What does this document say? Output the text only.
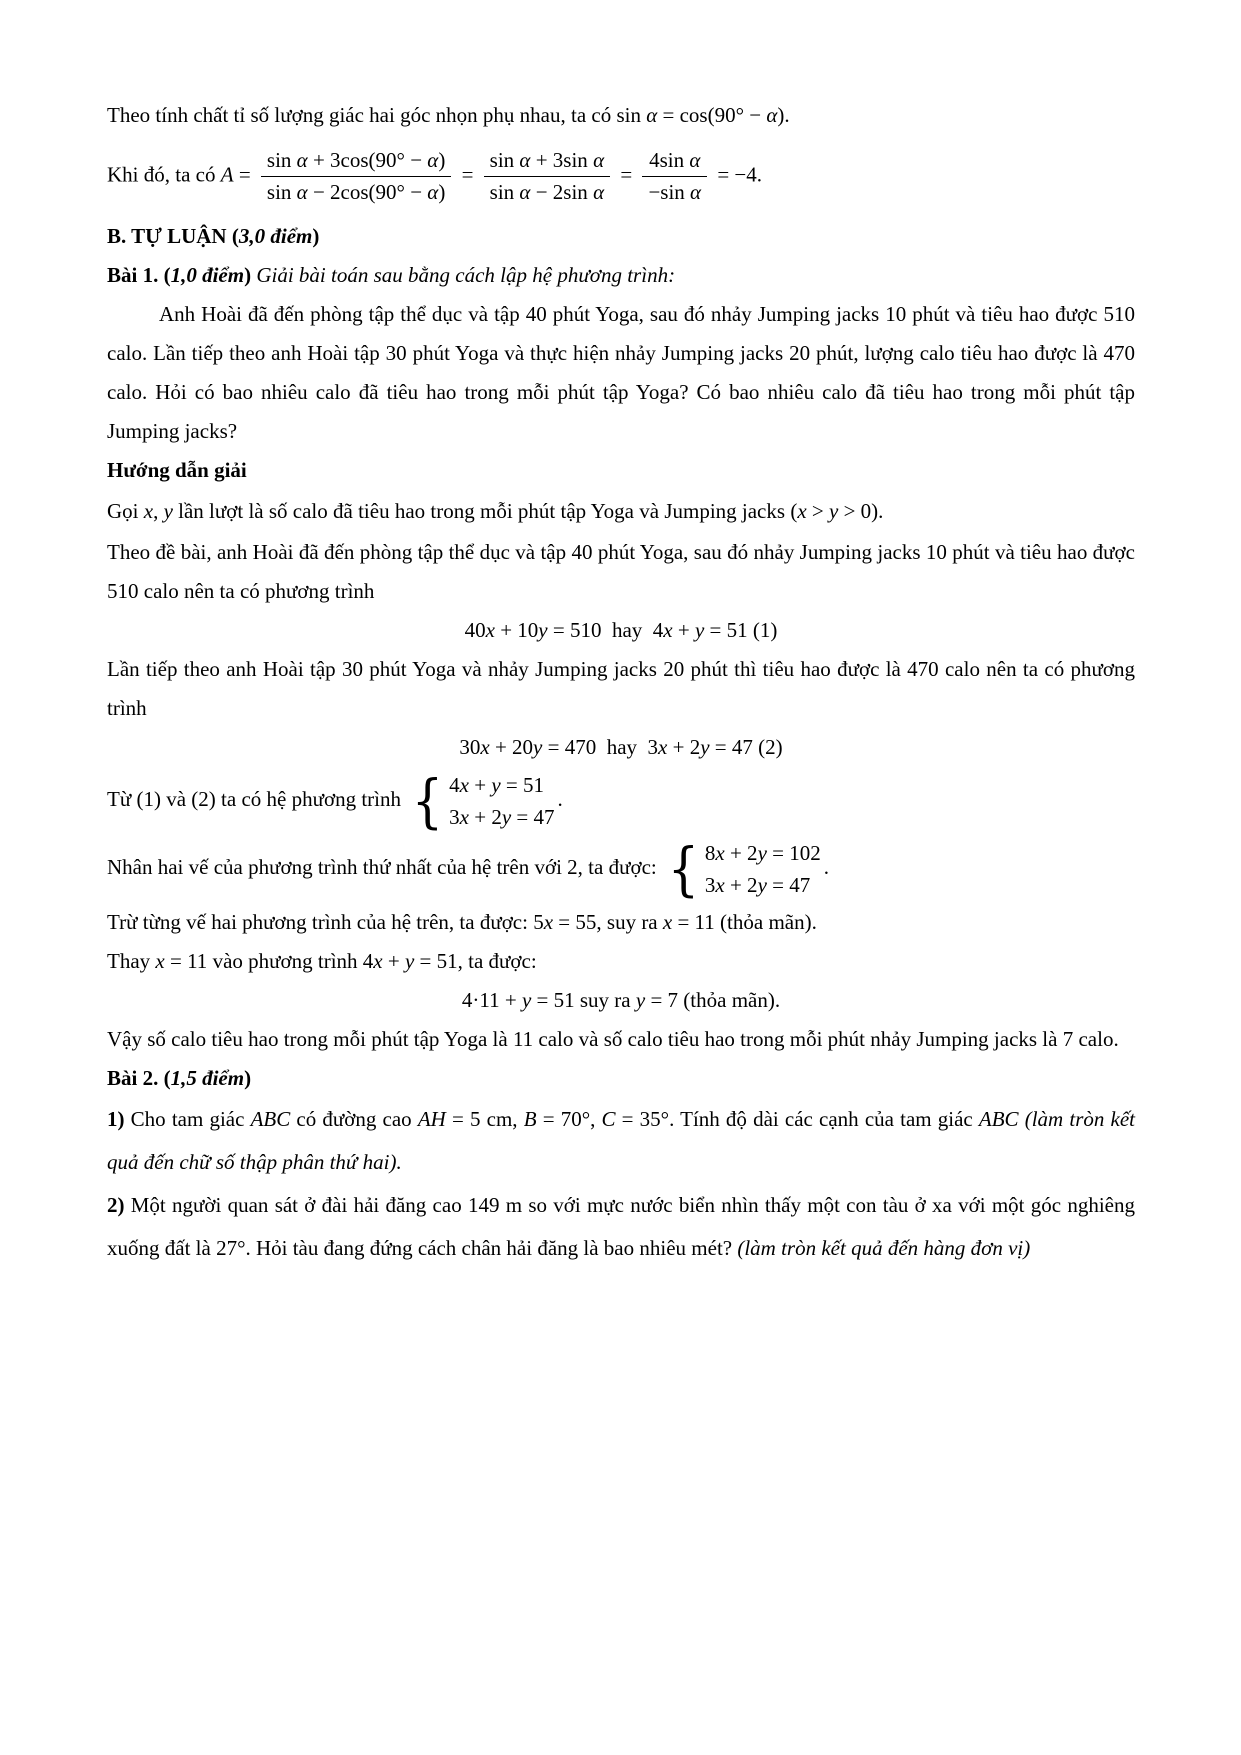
Theo tính chất tỉ số lượng giác hai góc nhọn phụ nhau, ta có sin α = cos(90° − α).

Khi đó, ta có $A = \frac{\text{sin α + 3cos(90° − α)}}{\text{sin α − 2cos(90° − α)}} = \frac{\text{sin α + 3sin α}}{\text{sin α − 2sin α}} = \frac{\text{4sin α}}{\text{−sin α}} = -4$.

B. TỰ LUẬN (3,0 điểm)

Bài 1. (1,0 điểm) Giải bài toán sau bằng cách lập hệ phương trình:

Anh Hoài đã đến phòng tập thể dục và tập 40 phút Yoga, sau đó nhảy Jumping jacks 10 phút và tiêu hao được 510 calo. Lần tiếp theo anh Hoài tập 30 phút Yoga và thực hiện nhảy Jumping jacks 20 phút, lượng calo tiêu hao được là 470 calo. Hỏi có bao nhiêu calo đã tiêu hao trong mỗi phút tập Yoga? Có bao nhiêu calo đã tiêu hao trong mỗi phút tập Jumping jacks?

Hướng dẫn giải

Gọi x, y lần lượt là số calo đã tiêu hao trong mỗi phút tập Yoga và Jumping jacks (x > y > 0).

Theo đề bài, anh Hoài đã đến phòng tập thể dục và tập 40 phút Yoga, sau đó nhảy Jumping jacks 10 phút và tiêu hao được 510 calo nên ta có phương trình

40x + 10y = 510  hay  4x + y = 51 (1)

Lần tiếp theo anh Hoài tập 30 phút Yoga và nhảy Jumping jacks 20 phút thì tiêu hao được là 470 calo nên ta có phương trình

30x + 20y = 470  hay  3x + 2y = 47 (2)

Từ (1) và (2) ta có hệ phương trình { 4x + y = 51
3x + 2y = 47
.

Nhân hai vế của phương trình thứ nhất của hệ trên với 2, ta được: { 8x + 2y = 102
3x + 2y = 47
.

Trừ từng vế hai phương trình của hệ trên, ta được: 5x = 55, suy ra x = 11 (thỏa mãn).

Thay x = 11 vào phương trình 4x + y = 51, ta được:

4·11 + y = 51 suy ra y = 7 (thỏa mãn).

Vậy số calo tiêu hao trong mỗi phút tập Yoga là 11 calo và số calo tiêu hao trong mỗi phút nhảy Jumping jacks là 7 calo.

Bài 2. (1,5 điểm)

1) Cho tam giác ABC có đường cao AH = 5 cm, B = 70°, C = 35°. Tính độ dài các cạnh của tam giác ABC (làm tròn kết quả đến chữ số thập phân thứ hai).

2) Một người quan sát ở đài hải đăng cao 149 m so với mực nước biển nhìn thấy một con tàu ở xa với một góc nghiêng xuống đất là 27°. Hỏi tàu đang đứng cách chân hải đăng là bao nhiêu mét? (làm tròn kết quả đến hàng đơn vị)
